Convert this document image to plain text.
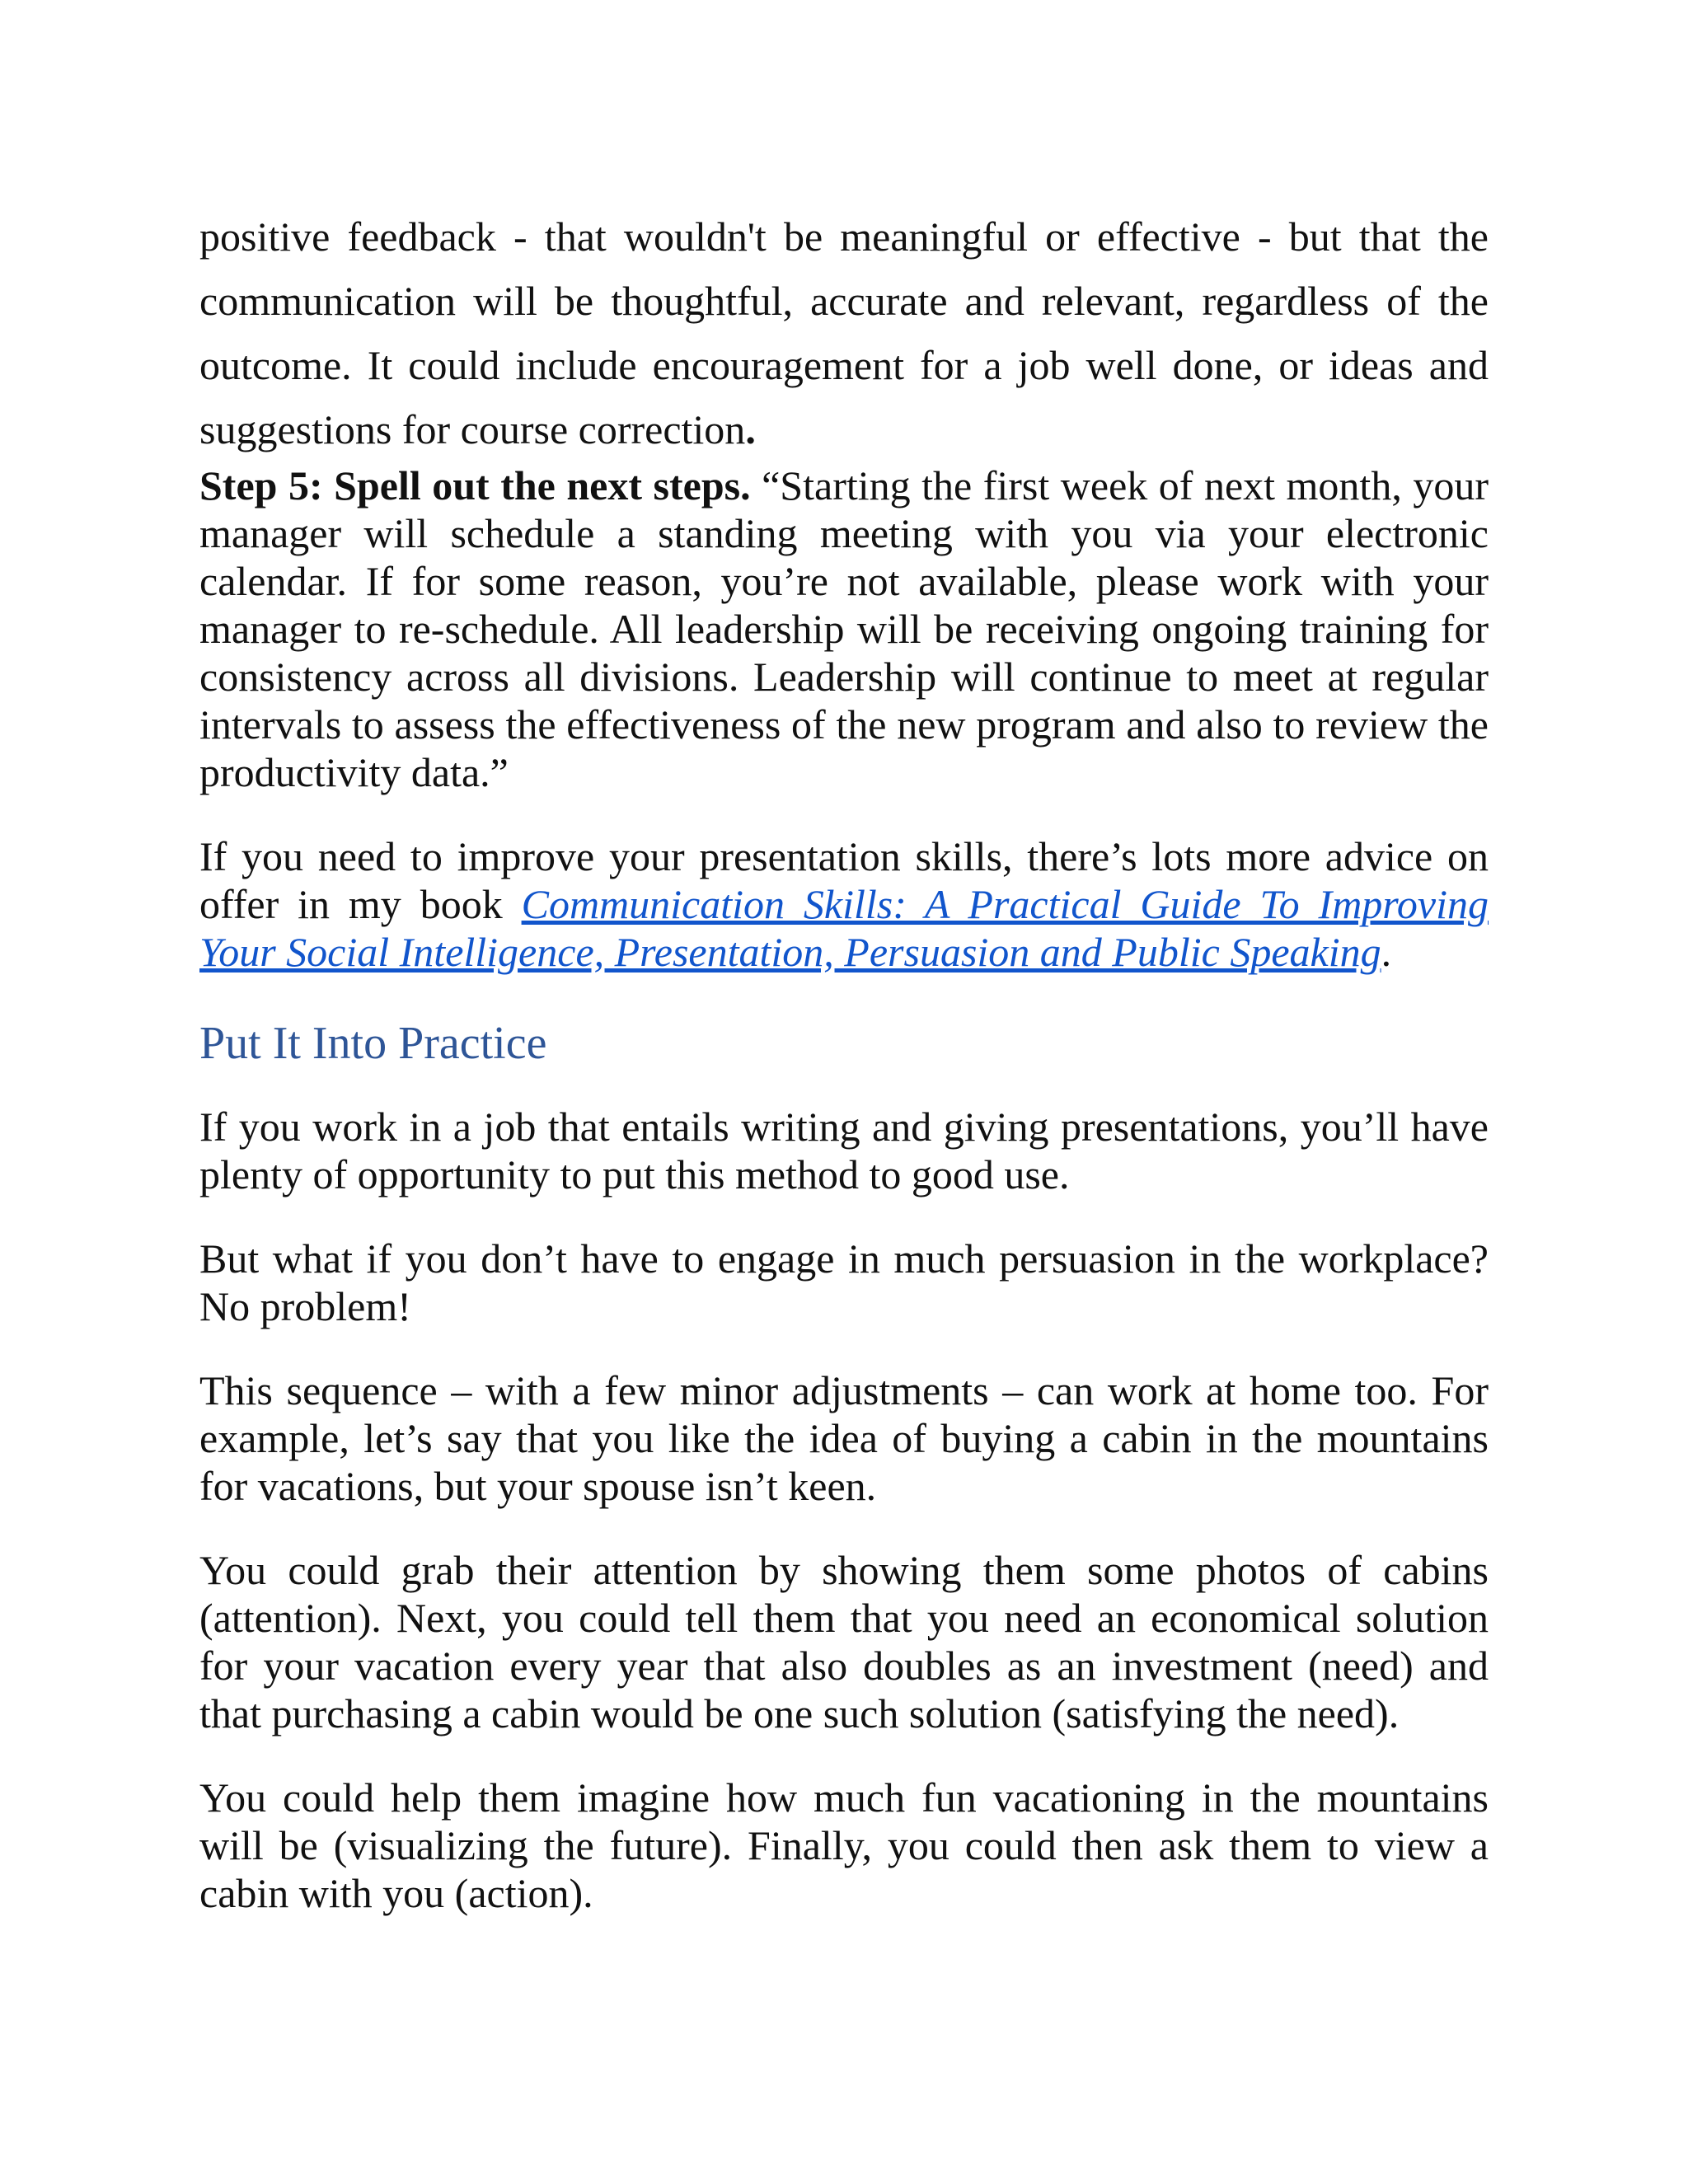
positive feedback - that wouldn't be meaningful or effective - but that the communication will be thoughtful, accurate and relevant, regardless of the outcome. It could include encouragement for a job well done, or ideas and suggestions for course correction.

Step 5: Spell out the next steps. “Starting the first week of next month, your manager will schedule a standing meeting with you via your electronic calendar. If for some reason, you’re not available, please work with your manager to re-schedule. All leadership will be receiving ongoing training for consistency across all divisions. Leadership will continue to meet at regular intervals to assess the effectiveness of the new program and also to review the productivity data.”

If you need to improve your presentation skills, there’s lots more advice on offer in my book Communication Skills: A Practical Guide To Improving Your Social Intelligence, Presentation, Persuasion and Public Speaking.

Put It Into Practice

If you work in a job that entails writing and giving presentations, you’ll have plenty of opportunity to put this method to good use.

But what if you don’t have to engage in much persuasion in the workplace? No problem!

This sequence – with a few minor adjustments – can work at home too. For example, let’s say that you like the idea of buying a cabin in the mountains for vacations, but your spouse isn’t keen.

You could grab their attention by showing them some photos of cabins (attention). Next, you could tell them that you need an economical solution for your vacation every year that also doubles as an investment (need) and that purchasing a cabin would be one such solution (satisfying the need).

You could help them imagine how much fun vacationing in the mountains will be (visualizing the future). Finally, you could then ask them to view a cabin with you (action).
